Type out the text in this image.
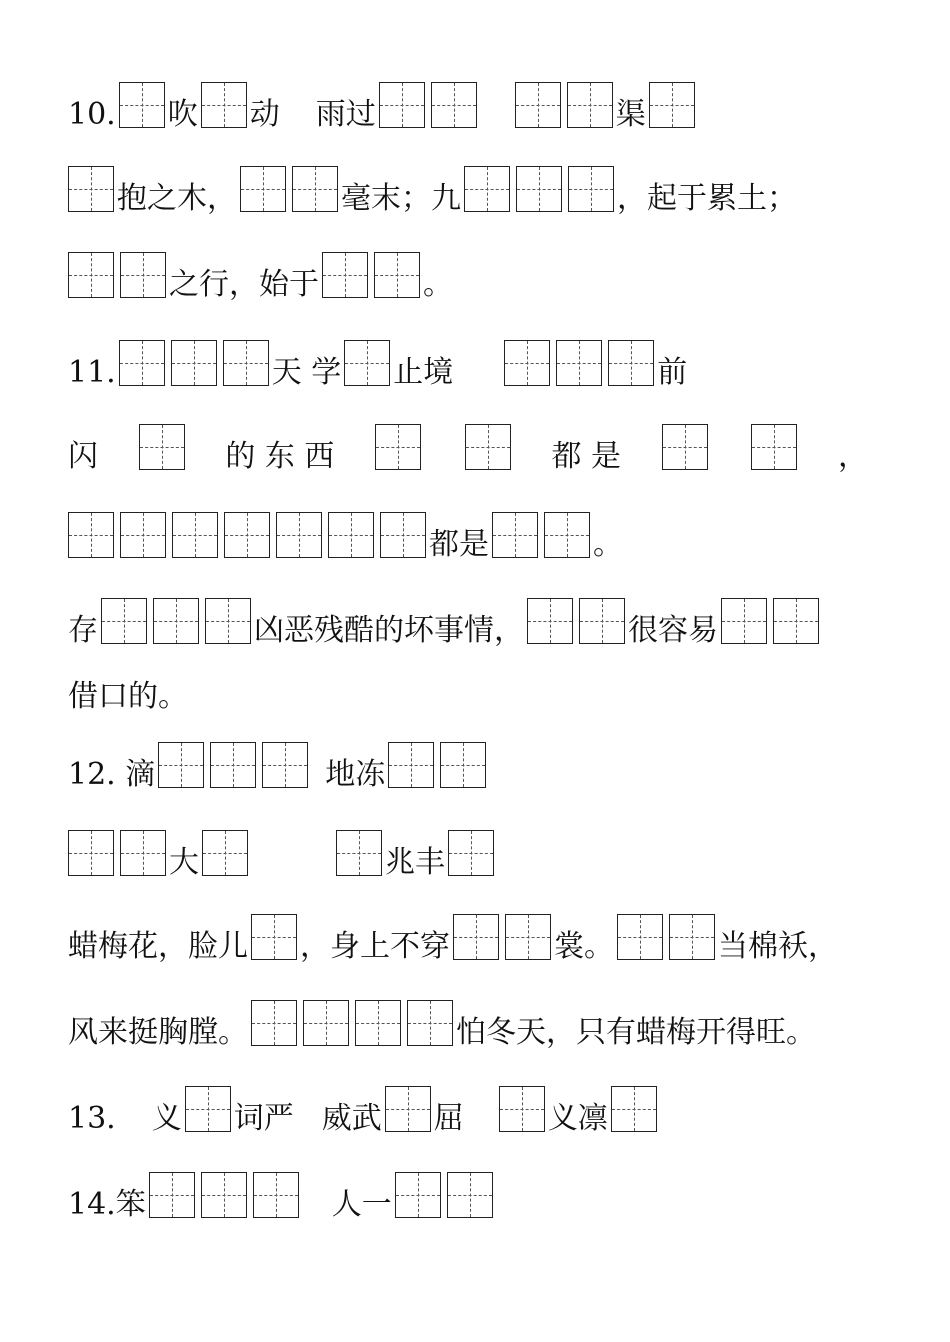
10. 吹 动 雨过	渠
抱之木，	毫末；九	，起于累土；
之行，始于	。
11.	天 学 止境	前
闪	的 东 西	都 是	，
都是	。
存	凶恶残酷的坏事情，	很容易
借口的。
12. 滴	地冻
大	兆丰
蜡梅花，脸儿 ，身上不穿	裳。	当棉袄，
风来挺胸膛。	怕冬天，只有蜡梅开得旺。
13. 义 词严 威武 屈	义凛
14. 笨	人一
